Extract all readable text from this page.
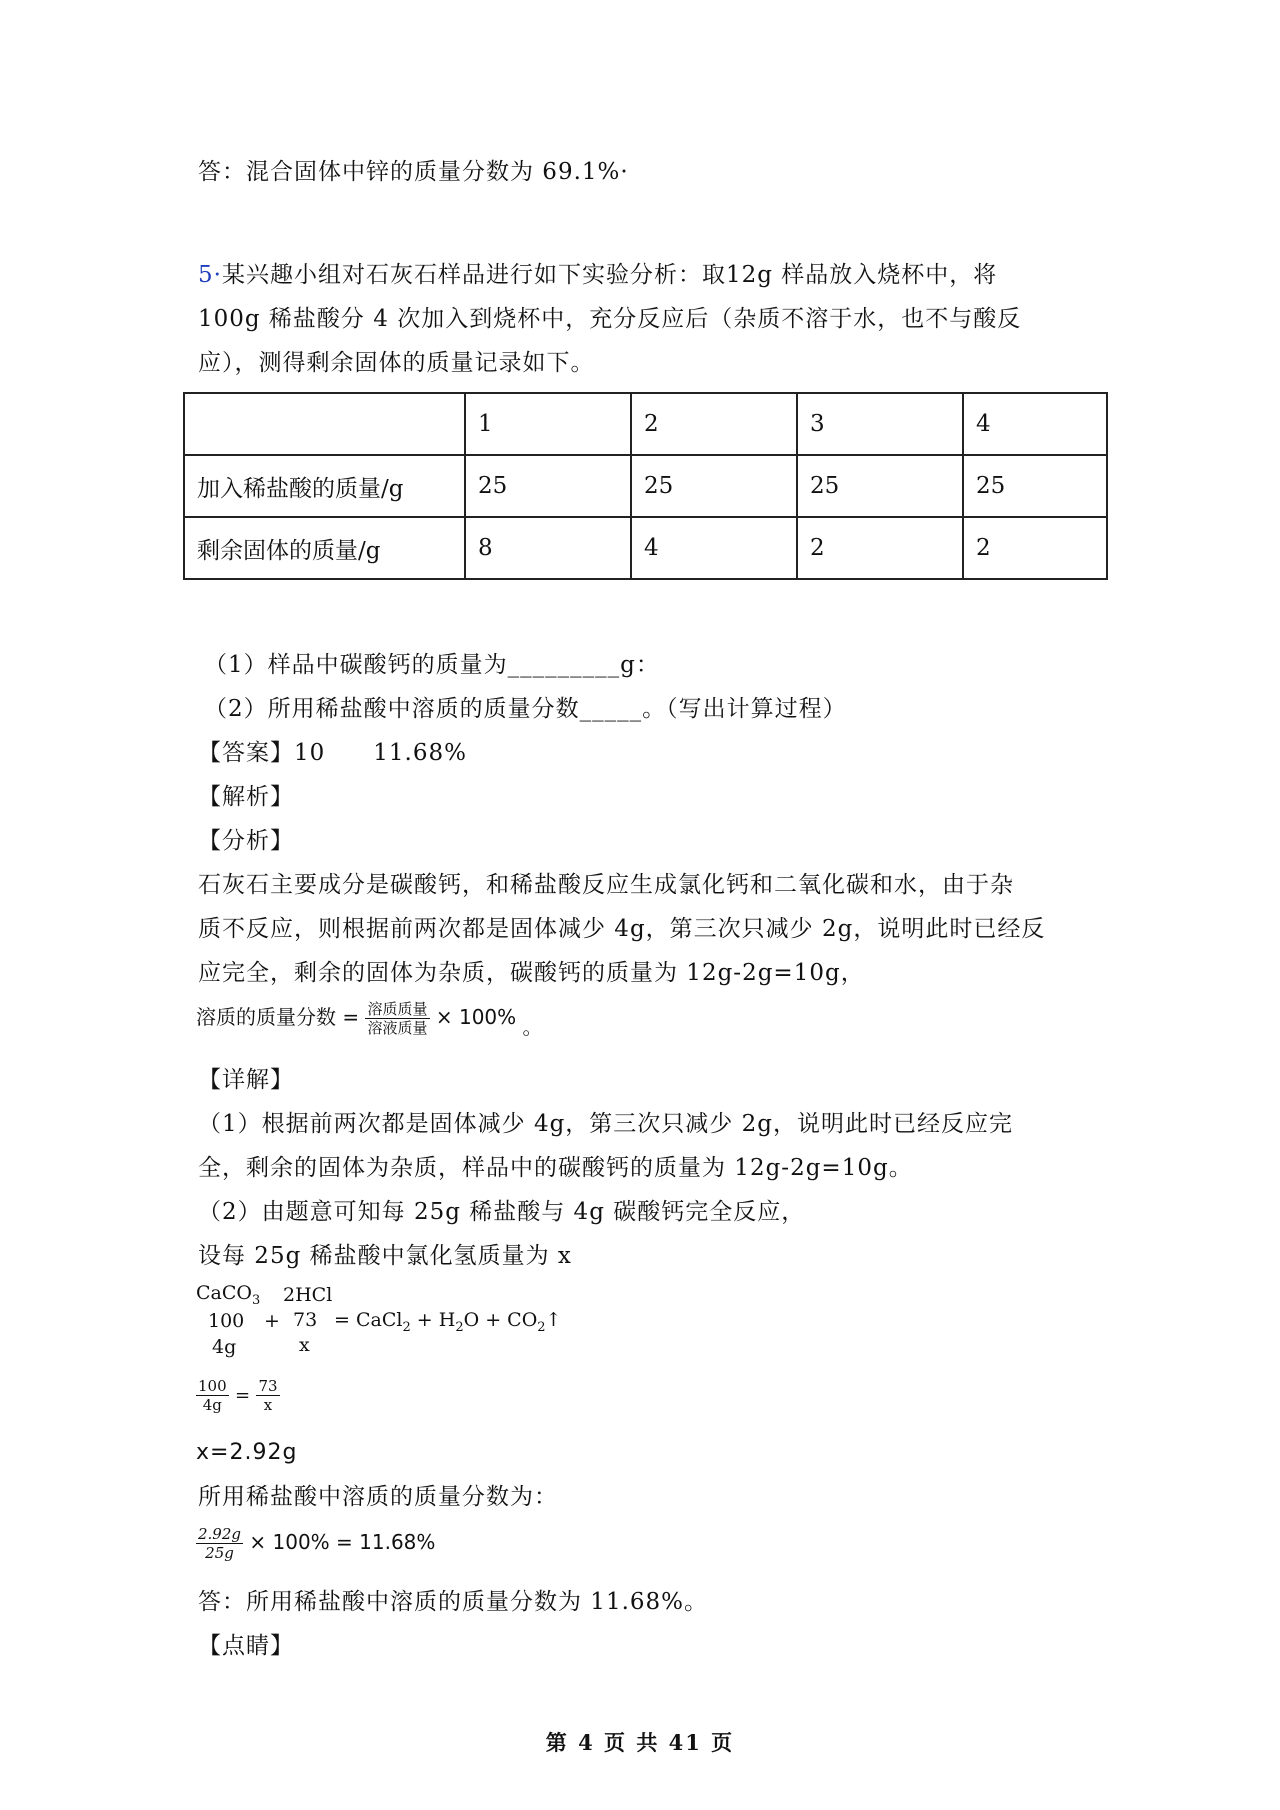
答：混合固体中锌的质量分数为 69.1%·
5·某兴趣小组对石灰石样品进行如下实验分析：取12g 样品放入烧杯中，将
100g 稀盐酸分 4 次加入到烧杯中，充分反应后（杂质不溶于水，也不与酸反
应），测得剩余固体的质量记录如下。
	1	2	3	4
加入稀盐酸的质量/g	25	25	25	25
剩余固体的质量/g	8	4	2	2
（1）样品中碳酸钙的质量为_________g：
（2）所用稀盐酸中溶质的质量分数_____。（写出计算过程）
【答案】10　　11.68%
【解析】
【分析】
石灰石主要成分是碳酸钙，和稀盐酸反应生成氯化钙和二氧化碳和水，由于杂
质不反应，则根据前两次都是固体减少 4g，第三次只减少 2g，说明此时已经反
应完全，剩余的固体为杂质，碳酸钙的质量为 12g-2g=10g，
溶质的质量分数 = $\frac{\text{溶质质量}}{\text{溶液质量}} \times 100\%$ 。
【详解】
（1）根据前两次都是固体减少 4g，第三次只减少 2g，说明此时已经反应完
全，剩余的固体为杂质，样品中的碳酸钙的质量为 12g-2g=10g。
（2）由题意可知每 25g 稀盐酸与 4g 碳酸钙完全反应，
设每 25g 稀盐酸中氯化氢质量为 x
CaCO$_3$ 2HCl
100 + 73 = CaCl$_2$ + $H_2O$ + $CO_2↑$
4g	x
$\frac{100}{4g} = \frac{73}{x}$
x=2.92g
所用稀盐酸中溶质的质量分数为：
$\frac{2.92g}{25g} \times 100\% = 11.68\%$
答：所用稀盐酸中溶质的质量分数为 11.68%。
【点睛】
第 4 页 共 41 页
